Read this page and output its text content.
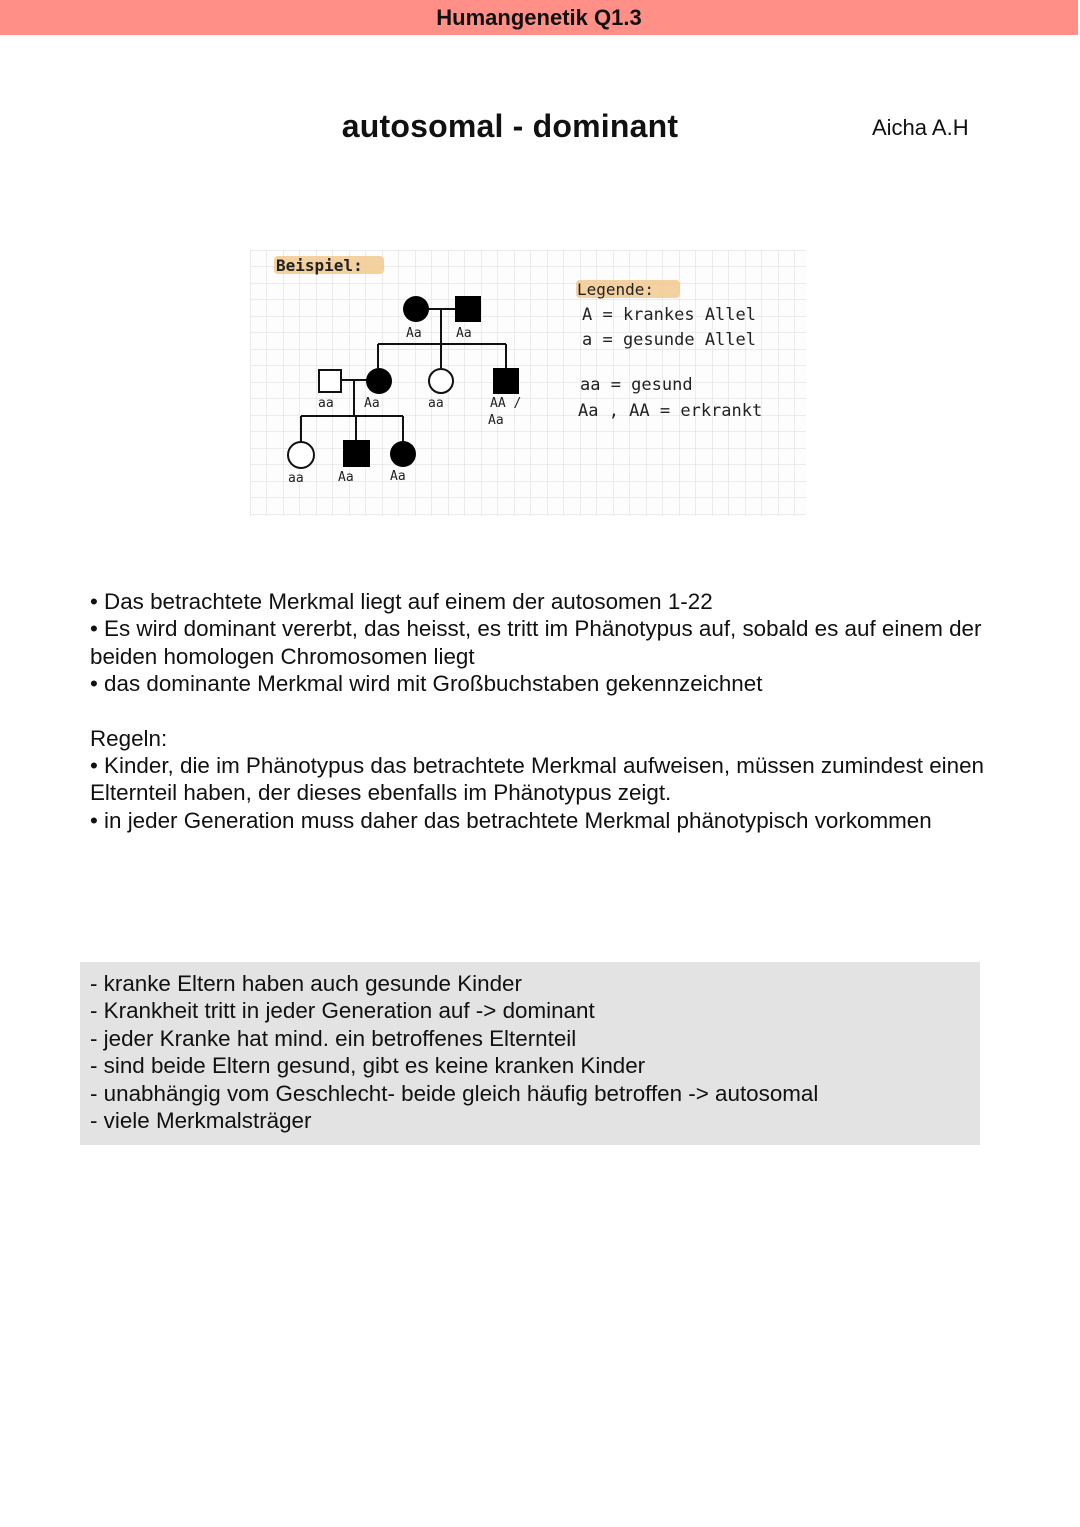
Humangenetik Q1.3
autosomal - dominant	Aicha A.H
Beispiel:
Aa	Aa
aa Aa	aa	AA /
Aa
aa	Aa	Aa
Legende:
A = krankes Allel
a = gesunde Allel
aa = gesund
Aa , AA = erkrankt

• Das betrachtete Merkmal liegt auf einem der autosomen 1-22

• Es wird dominant vererbt, das heisst, es tritt im Phänotypus auf, sobald es auf einem der beiden homologen Chromosomen liegt

• das dominante Merkmal wird mit Großbuchstaben gekennzeichnet

Regeln:

• Kinder, die im Phänotypus das betrachtete Merkmal aufweisen, müssen zumindest einen Elternteil haben, der dieses ebenfalls im Phänotypus zeigt.

• in jeder Generation muss daher das betrachtete Merkmal phänotypisch vorkommen

- kranke Eltern haben auch gesunde Kinder
- Krankheit tritt in jeder Generation auf -> dominant
- jeder Kranke hat mind. ein betroffenes Elternteil
- sind beide Eltern gesund, gibt es keine kranken Kinder
- unabhängig vom Geschlecht- beide gleich häufig betroffen -> autosomal
- viele Merkmalsträger
